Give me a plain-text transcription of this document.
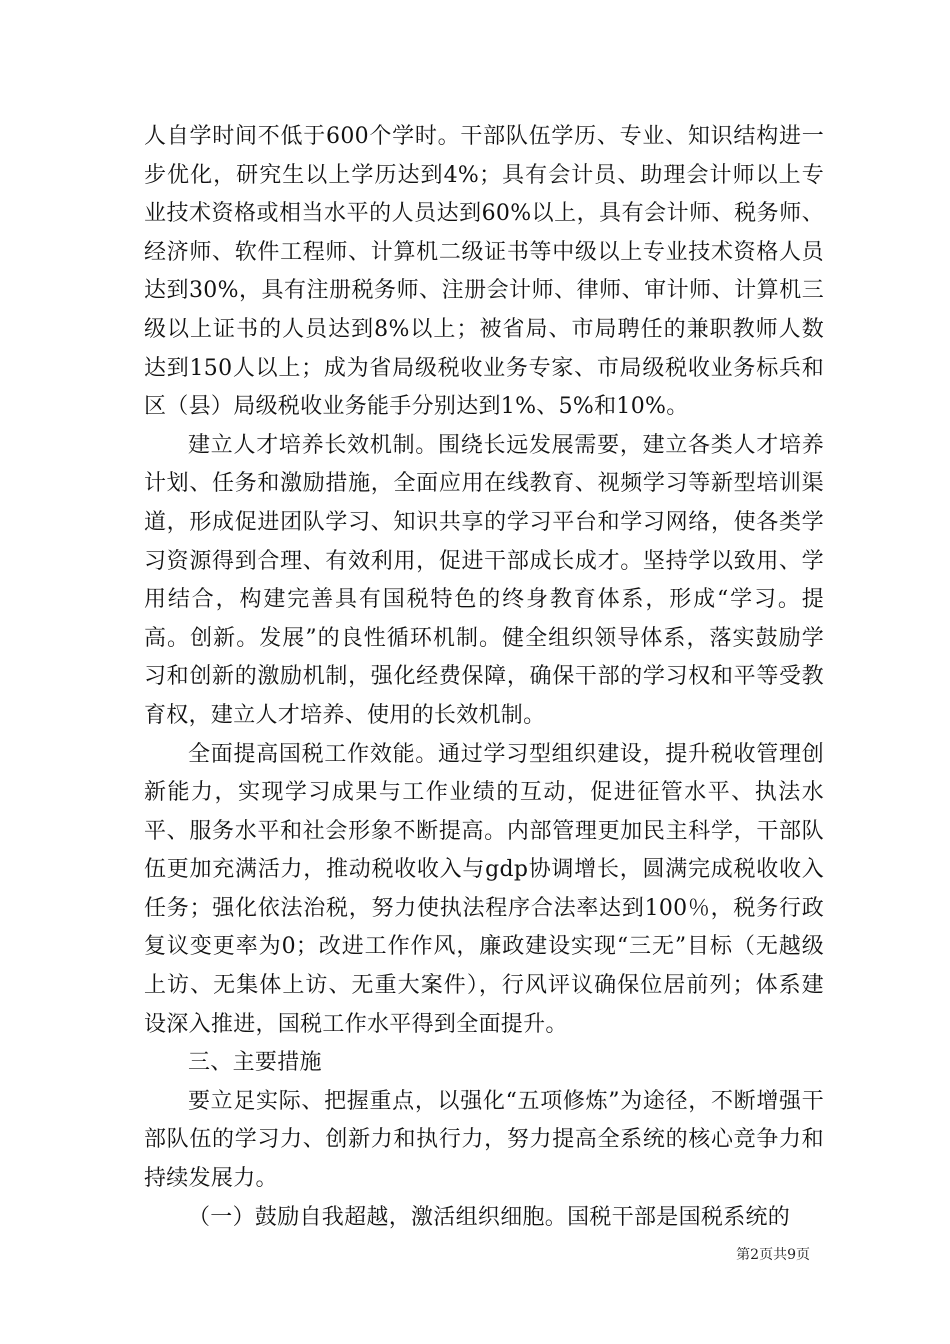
人自学时间不低于600个学时。干部队伍学历、专业、知识结构进一步优化，研究生以上学历达到4%；具有会计员、助理会计师以上专业技术资格或相当水平的人员达到60%以上，具有会计师、税务师、经济师、软件工程师、计算机二级证书等中级以上专业技术资格人员达到30%，具有注册税务师、注册会计师、律师、审计师、计算机三级以上证书的人员达到8%以上；被省局、市局聘任的兼职教师人数达到150人以上；成为省局级税收业务专家、市局级税收业务标兵和区（县）局级税收业务能手分别达到1%、5%和10%。

建立人才培养长效机制。围绕长远发展需要，建立各类人才培养计划、任务和激励措施，全面应用在线教育、视频学习等新型培训渠道，形成促进团队学习、知识共享的学习平台和学习网络，使各类学习资源得到合理、有效利用，促进干部成长成才。坚持学以致用、学用结合，构建完善具有国税特色的终身教育体系，形成“学习。提高。创新。发展”的良性循环机制。健全组织领导体系，落实鼓励学习和创新的激励机制，强化经费保障，确保干部的学习权和平等受教育权，建立人才培养、使用的长效机制。

全面提高国税工作效能。通过学习型组织建设，提升税收管理创新能力，实现学习成果与工作业绩的互动，促进征管水平、执法水平、服务水平和社会形象不断提高。内部管理更加民主科学，干部队伍更加充满活力，推动税收收入与gdp协调增长，圆满完成税收收入任务；强化依法治税，努力使执法程序合法率达到100％，税务行政复议变更率为0；改进工作作风，廉政建设实现“三无”目标（无越级上访、无集体上访、无重大案件），行风评议确保位居前列；体系建设深入推进，国税工作水平得到全面提升。

三、主要措施

要立足实际、把握重点，以强化“五项修炼”为途径，不断增强干部队伍的学习力、创新力和执行力，努力提高全系统的核心竞争力和持续发展力。

（一）鼓励自我超越，激活组织细胞。国税干部是国税系统的

第2页共9页
